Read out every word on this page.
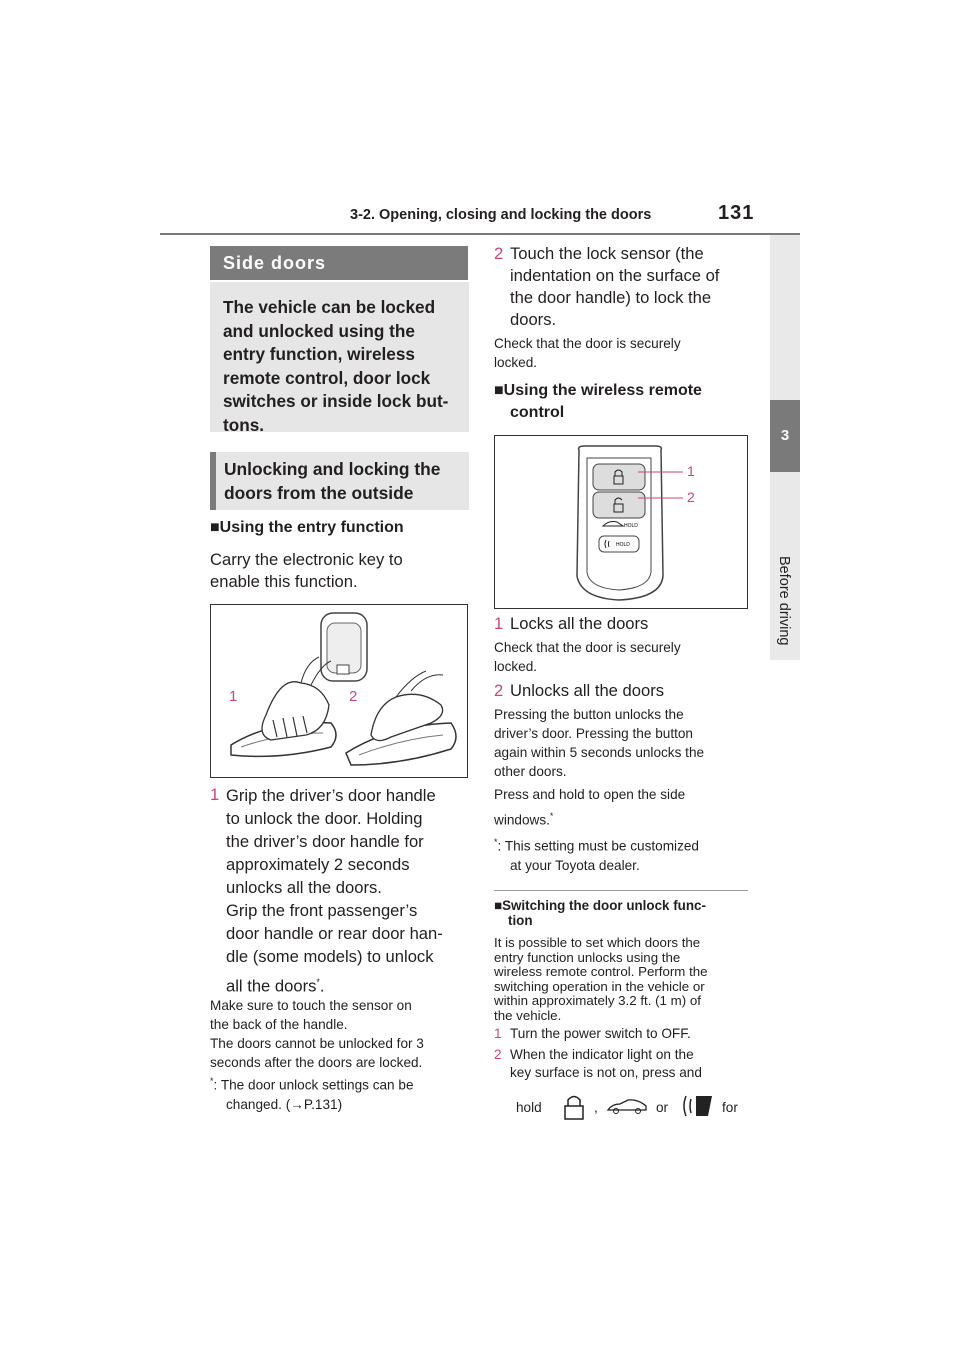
3-2. Opening, closing and locking the doors	131
3
Before driving
Side doors
The vehicle can be locked
and unlocked using the
entry function, wireless
remote control, door lock
switches or inside lock but-
tons.
Unlocking and locking the
doors from the outside
■Using the entry function
Carry the electronic key to
enable this function.
1	2
1 Grip the driver’s door handle
to unlock the door. Holding
the driver’s door handle for
approximately 2 seconds
unlocks all the doors.
Grip the front passenger’s
door handle or rear door han-
dle (some models) to unlock
all the doors*.
Make sure to touch the sensor on
the back of the handle.
The doors cannot be unlocked for 3
seconds after the doors are locked.
*: The door unlock settings can be
changed. (→P.131)
2 Touch the lock sensor (the
indentation on the surface of
the door handle) to lock the
doors.
Check that the door is securely
locked.
■Using the wireless remote
control
HOLD
HOLD
1
2
1 Locks all the doors
Check that the door is securely
locked.
2 Unlocks all the doors
Pressing the button unlocks the
driver’s door. Pressing the button
again within 5 seconds unlocks the
other doors.
Press and hold to open the side
windows.*
*: This setting must be customized
at your Toyota dealer.
■Switching the door unlock func-
tion
It is possible to set which doors the
entry function unlocks using the
wireless remote control. Perform the
switching operation in the vehicle or
within approximately 3.2 ft. (1 m) of
the vehicle.
1 Turn the power switch to OFF.
2 When the indicator light on the
key surface is not on, press and
hold	,	or	for
